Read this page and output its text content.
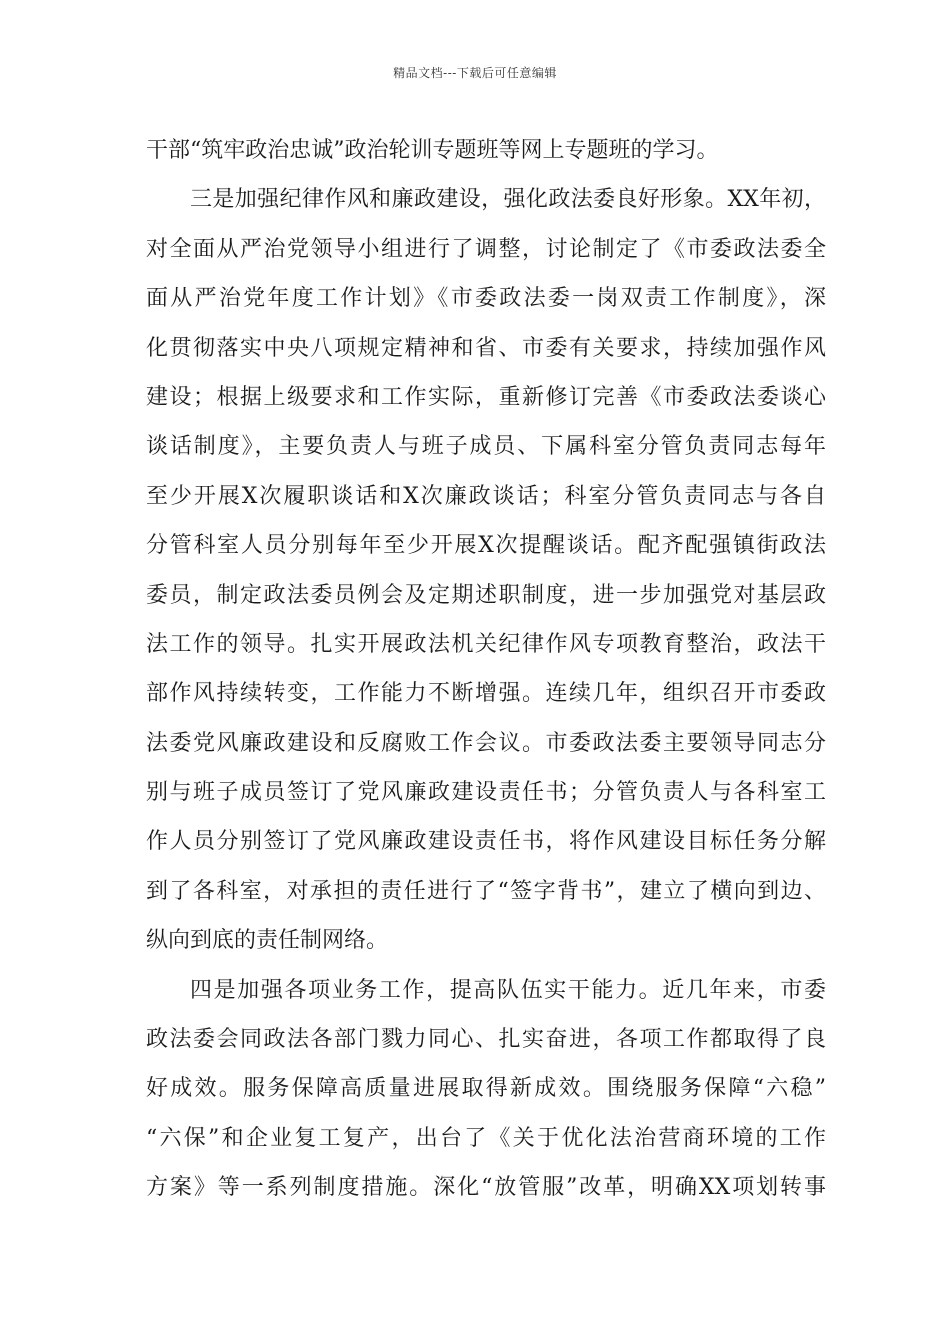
精品文档---下载后可任意编辑
干部“筑牢政治忠诚”政治轮训专题班等网上专题班的学习。
三是加强纪律作风和廉政建设，强化政法委良好形象。XX年初，
对全面从严治党领导小组进行了调整，讨论制定了《市委政法委全
面从严治党年度工作计划》《市委政法委一岗双责工作制度》，深
化贯彻落实中央八项规定精神和省、市委有关要求，持续加强作风
建设；根据上级要求和工作实际，重新修订完善《市委政法委谈心
谈话制度》，主要负责人与班子成员、下属科室分管负责同志每年
至少开展X次履职谈话和X次廉政谈话；科室分管负责同志与各自
分管科室人员分别每年至少开展X次提醒谈话。配齐配强镇街政法
委员，制定政法委员例会及定期述职制度，进一步加强党对基层政
法工作的领导。扎实开展政法机关纪律作风专项教育整治，政法干
部作风持续转变，工作能力不断增强。连续几年，组织召开市委政
法委党风廉政建设和反腐败工作会议。市委政法委主要领导同志分
别与班子成员签订了党风廉政建设责任书；分管负责人与各科室工
作人员分别签订了党风廉政建设责任书，将作风建设目标任务分解
到了各科室，对承担的责任进行了“签字背书”，建立了横向到边、
纵向到底的责任制网络。
四是加强各项业务工作，提高队伍实干能力。近几年来，市委
政法委会同政法各部门戮力同心、扎实奋进，各项工作都取得了良
好成效。服务保障高质量进展取得新成效。围绕服务保障“六稳”
“六保”和企业复工复产，出台了《关于优化法治营商环境的工作
方案》等一系列制度措施。深化“放管服”改革，明确XX项划转事
